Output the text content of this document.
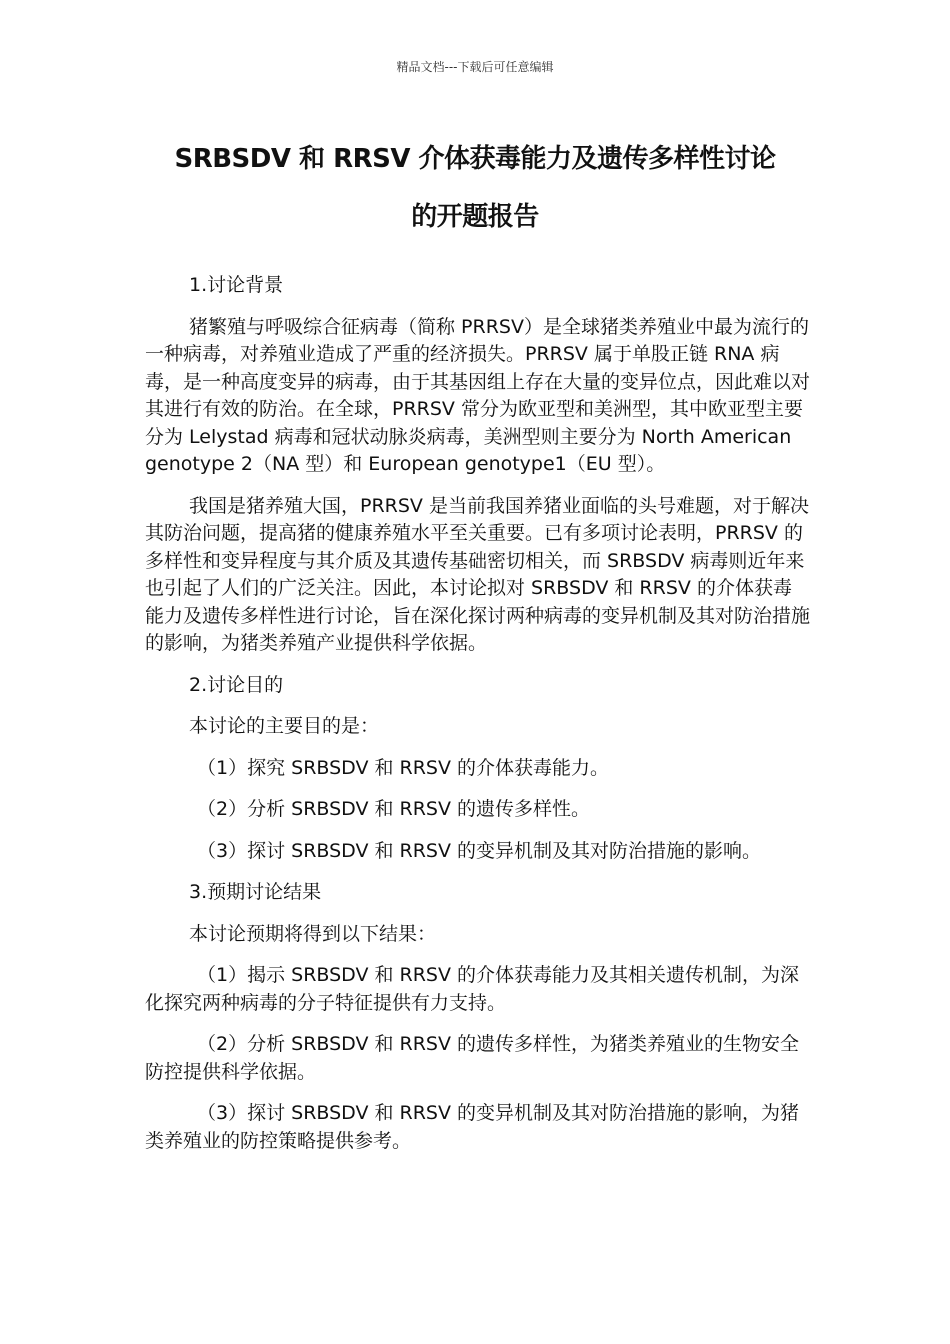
精品文档---下载后可任意编辑
SRBSDV 和 RRSV 介体获毒能力及遗传多样性讨论
的开题报告

1.讨论背景

猪繁殖与呼吸综合征病毒（简称 PRRSV）是全球猪类养殖业中最为流行的一种病毒，对养殖业造成了严重的经济损失。PRRSV 属于单股正链 RNA 病毒，是一种高度变异的病毒，由于其基因组上存在大量的变异位点，因此难以对其进行有效的防治。在全球，PRRSV 常分为欧亚型和美洲型，其中欧亚型主要分为 Lelystad 病毒和冠状动脉炎病毒，美洲型则主要分为 North American genotype 2（NA 型）和 European genotype1（EU 型）。

我国是猪养殖大国，PRRSV 是当前我国养猪业面临的头号难题，对于解决其防治问题，提高猪的健康养殖水平至关重要。已有多项讨论表明，PRRSV 的多样性和变异程度与其介质及其遗传基础密切相关，而 SRBSDV 病毒则近年来也引起了人们的广泛关注。因此，本讨论拟对 SRBSDV 和 RRSV 的介体获毒能力及遗传多样性进行讨论，旨在深化探讨两种病毒的变异机制及其对防治措施的影响，为猪类养殖产业提供科学依据。

2.讨论目的

本讨论的主要目的是：

（1）探究 SRBSDV 和 RRSV 的介体获毒能力。

（2）分析 SRBSDV 和 RRSV 的遗传多样性。

（3）探讨 SRBSDV 和 RRSV 的变异机制及其对防治措施的影响。

3.预期讨论结果

本讨论预期将得到以下结果：

（1）揭示 SRBSDV 和 RRSV 的介体获毒能力及其相关遗传机制，为深化探究两种病毒的分子特征提供有力支持。

（2）分析 SRBSDV 和 RRSV 的遗传多样性，为猪类养殖业的生物安全防控提供科学依据。

（3）探讨 SRBSDV 和 RRSV 的变异机制及其对防治措施的影响，为猪类养殖业的防控策略提供参考。
